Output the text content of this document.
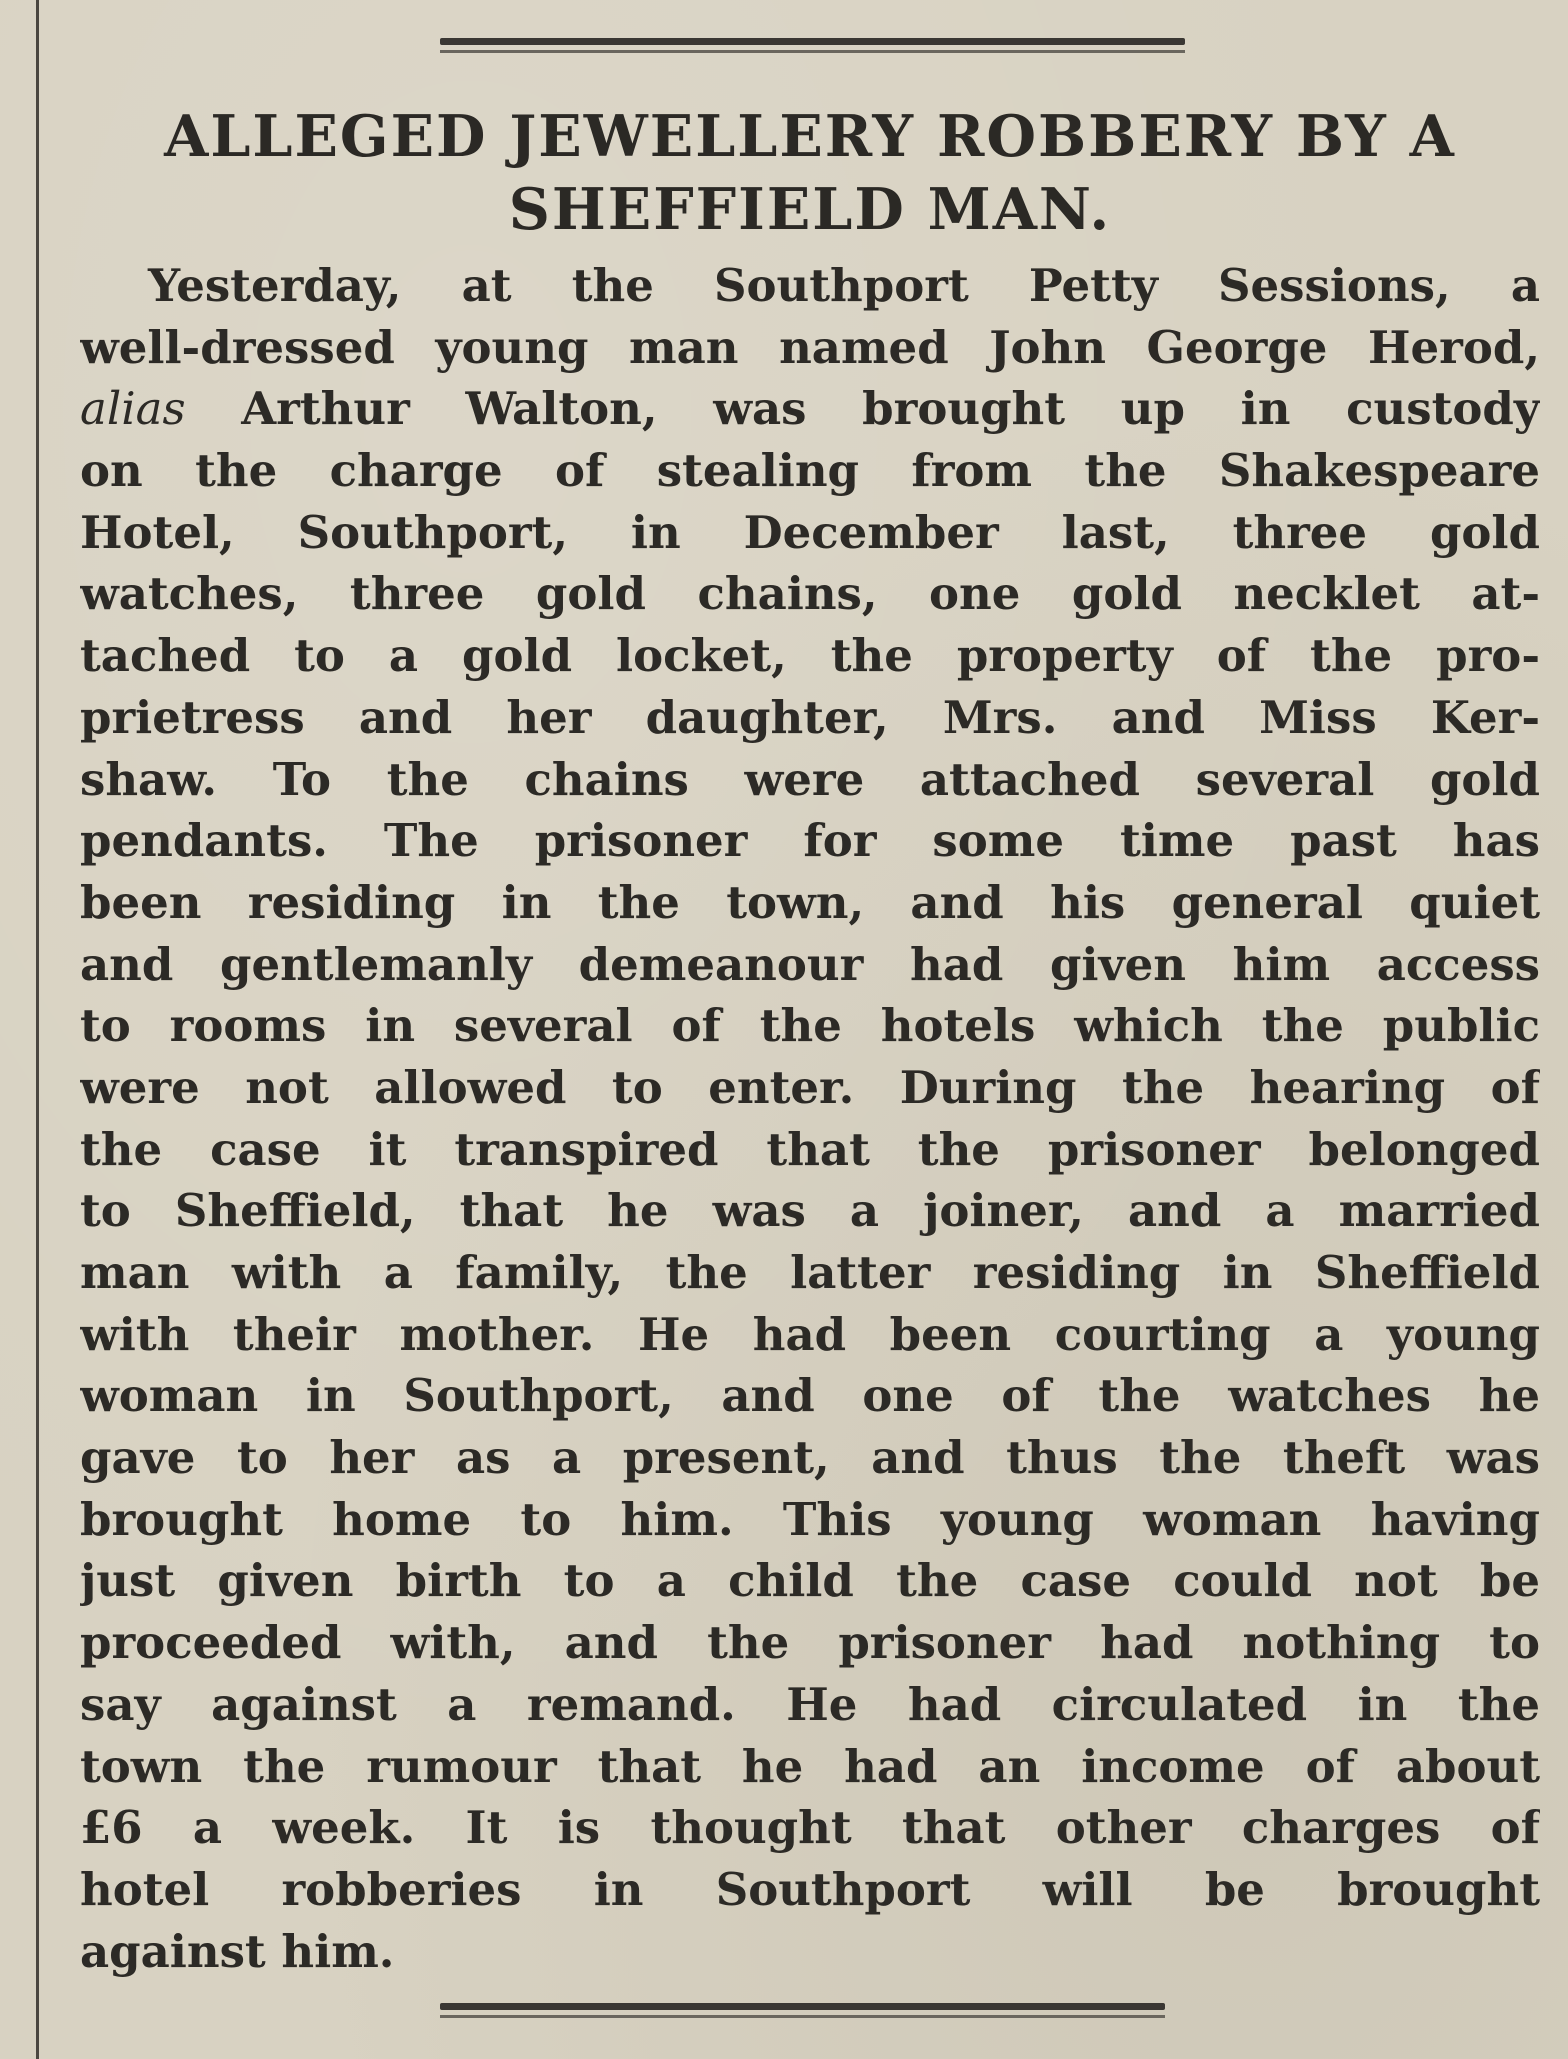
ALLEGED JEWELLERY ROBBERY BY A
SHEFFIELD MAN.
Yesterday, at the Southport Petty Sessions, a
well-dressed young man named John George Herod,
alias Arthur Walton, was brought up in custody
on the charge of stealing from the Shakespeare
Hotel, Southport, in December last, three gold
watches, three gold chains, one gold necklet at-
tached to a gold locket, the property of the pro-
prietress and her daughter, Mrs. and Miss Ker-
shaw. To the chains were attached several gold
pendants. The prisoner for some time past has
been residing in the town, and his general quiet
and gentlemanly demeanour had given him access
to rooms in several of the hotels which the public
were not allowed to enter. During the hearing of
the case it transpired that the prisoner belonged
to Sheffield, that he was a joiner, and a married
man with a family, the latter residing in Sheffield
with their mother. He had been courting a young
woman in Southport, and one of the watches he
gave to her as a present, and thus the theft was
brought home to him. This young woman having
just given birth to a child the case could not be
proceeded with, and the prisoner had nothing to
say against a remand. He had circulated in the
town the rumour that he had an income of about
£6 a week. It is thought that other charges of
hotel robberies in Southport will be brought
against him.
